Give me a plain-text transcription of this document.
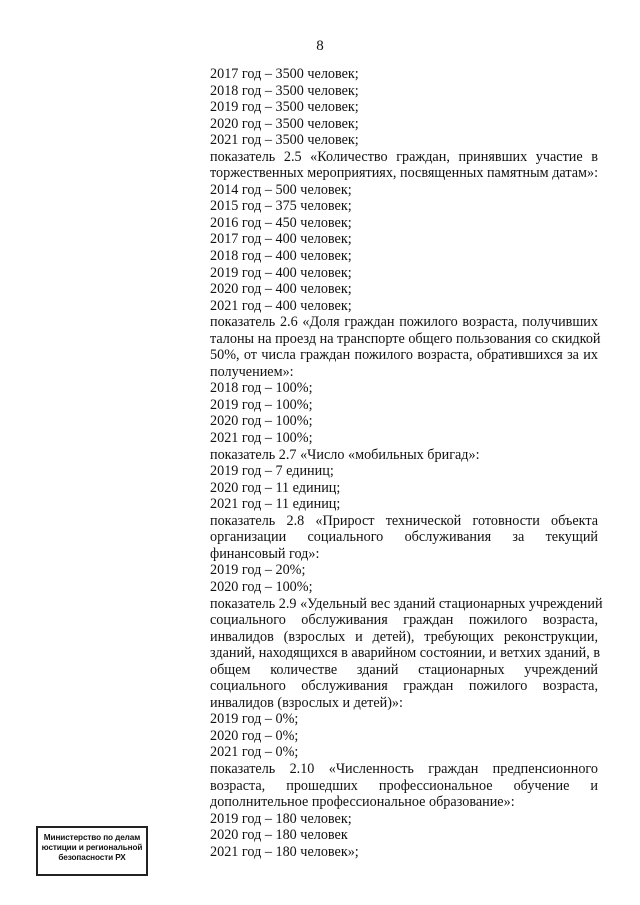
8
2017 год – 3500 человек;
2018 год – 3500 человек;
2019 год – 3500 человек;
2020 год – 3500 человек;
2021 год – 3500 человек;
показатель 2.5 «Количество граждан, принявших участие в
торжественных мероприятиях, посвященных памятным датам»:
2014 год – 500 человек;
2015 год – 375 человек;
2016 год – 450 человек;
2017 год – 400 человек;
2018 год – 400 человек;
2019 год – 400 человек;
2020 год – 400 человек;
2021 год – 400 человек;
показатель 2.6 «Доля граждан пожилого возраста, получивших
талоны на проезд на транспорте общего пользования со скидкой
50%, от числа граждан пожилого возраста, обратившихся за их
получением»:
2018 год – 100%;
2019 год – 100%;
2020 год – 100%;
2021 год – 100%;
показатель 2.7 «Число «мобильных бригад»:
2019 год – 7 единиц;
2020 год – 11 единиц;
2021 год – 11 единиц;
показатель 2.8 «Прирост технической готовности объекта
организации социального обслуживания за текущий
финансовый год»:
2019 год – 20%;
2020 год – 100%;
показатель 2.9 «Удельный вес зданий стационарных учреждений
социального обслуживания граждан пожилого возраста,
инвалидов (взрослых и детей), требующих реконструкции,
зданий, находящихся в аварийном состоянии, и ветхих зданий, в
общем количестве зданий стационарных учреждений
социального обслуживания граждан пожилого возраста,
инвалидов (взрослых и детей)»:
2019 год – 0%;
2020 год – 0%;
2021 год – 0%;
показатель 2.10 «Численность граждан предпенсионного
возраста, прошедших профессиональное обучение и
дополнительное профессиональное образование»:
2019 год – 180 человек;
2020 год – 180 человек
2021 год – 180 человек»;
Министерство по делам
юстиции и региональной
безопасности РХ
